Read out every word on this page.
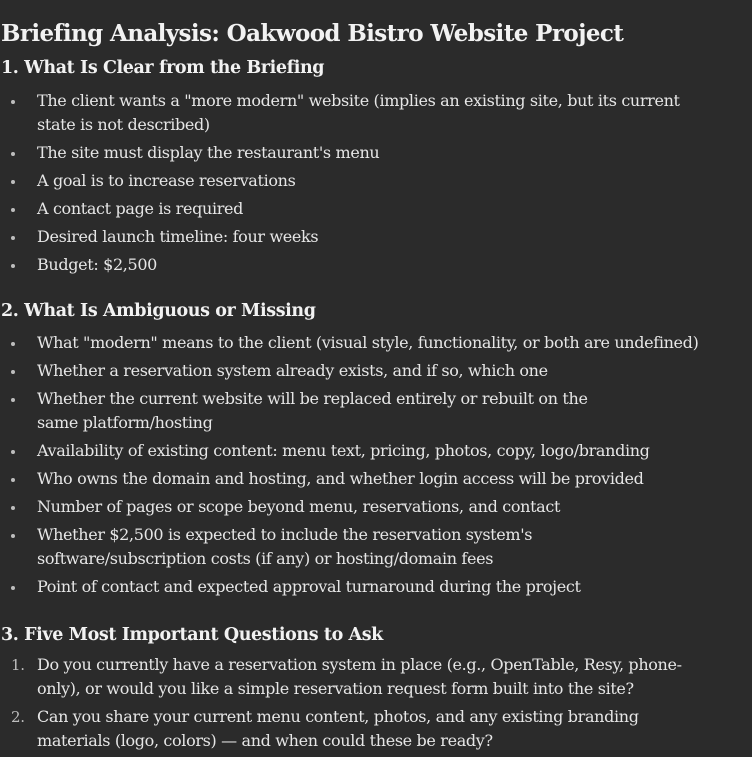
Briefing Analysis: Oakwood Bistro Website Project
1. What Is Clear from the Briefing
The client wants a "more modern" website (implies an existing site, but its current state is not described)
The site must display the restaurant's menu
A goal is to increase reservations
A contact page is required
Desired launch timeline: four weeks
Budget: $2,500
2. What Is Ambiguous or Missing
What "modern" means to the client (visual style, functionality, or both are undefined)
Whether a reservation system already exists, and if so, which one
Whether the current website will be replaced entirely or rebuilt on the same platform/hosting
Availability of existing content: menu text, pricing, photos, copy, logo/branding
Who owns the domain and hosting, and whether login access will be provided
Number of pages or scope beyond menu, reservations, and contact
Whether $2,500 is expected to include the reservation system's software/subscription costs (if any) or hosting/domain fees
Point of contact and expected approval turnaround during the project
3. Five Most Important Questions to Ask
1. Do you currently have a reservation system in place (e.g., OpenTable, Resy, phone-only), or would you like a simple reservation request form built into the site?
2. Can you share your current menu content, photos, and any existing branding materials (logo, colors) — and when could these be ready?
